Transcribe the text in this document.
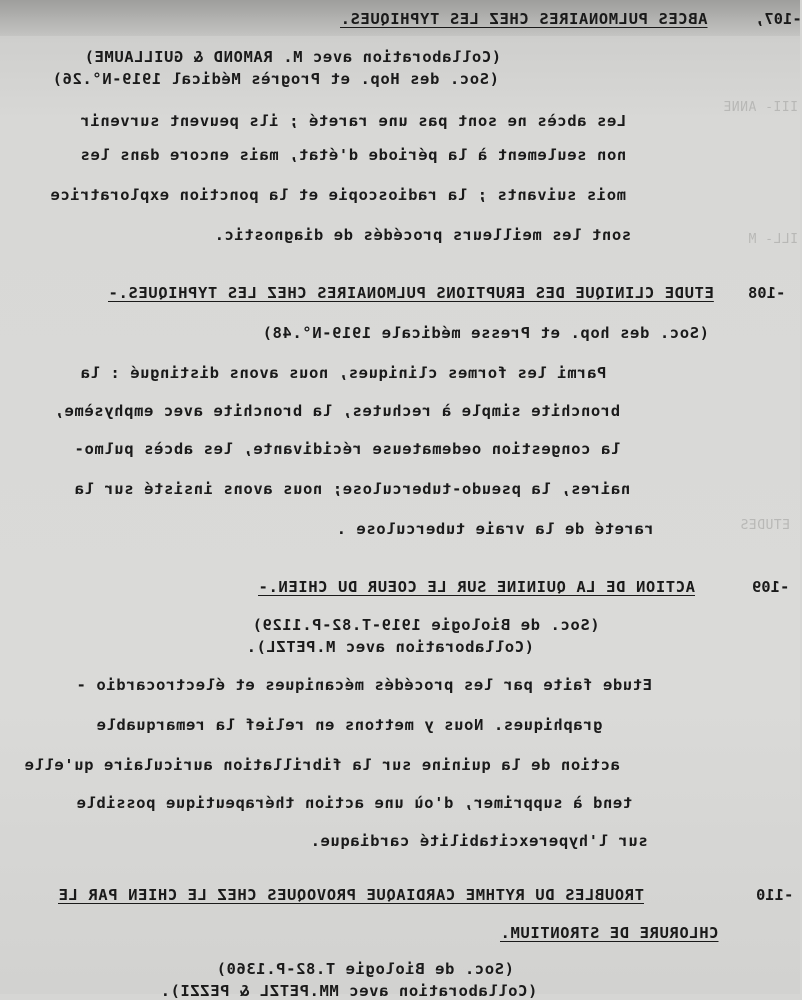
III- ANNE
ILL- M
ETUDES
ABCES PULMONAIRES CHEZ LES TYPHIQUES.	-107,
(Collaboration avec M. RAMOND & GUILLAUME)
(Soc. des Hop. et Progrès Médical 1919-N°.26)
Les abcès ne sont pas une rareté ; ils peuvent survenir
non seulement à la période d'état, mais encore dans les
mois suivants ; la radioscopie et la ponction exploratrice
sont les meilleurs procédés de diagnostic.
ETUDE CLINIQUE DES ERUPTIONS PULMONAIRES CHEZ LES TYPHIQUES.-	-108
(Soc. des hop. et Presse médicale 1919-N°.48)
Parmi les formes cliniques, nous avons distingué : la
bronchite simple à rechutes, la bronchite avec emphysème,
la congestion oedemateuse récidivante, les abcès pulmo-
naires, la pseudo-tuberculose; nous avons insisté sur la
rareté de la vraie tuberculose .
ACTION DE LA QUININE SUR LE COEUR DU CHIEN.-	-109
(Soc. de Biologie 1919-T.82-P.1129)
(Collaboration avec M.PETZL).
Etude faite par les procédés mécaniques et électrocardio -
graphiques. Nous y mettons en relief la remarquable
action de la quinine sur la fibrillation auriculaire qu'elle
tend à supprimer, d'où une action thérapeutique possible
sur l'hyperexcitabilité cardiaque.
TROUBLES DU RYTHME CARDIAQUE PROVOQUES CHEZ LE CHIEN PAR LE	-110
CHLORURE DE STRONTIUM.
(Soc. de Biologie T.82-P.1360)
(Collaboration avec MM.PETZL & PEZZI).
